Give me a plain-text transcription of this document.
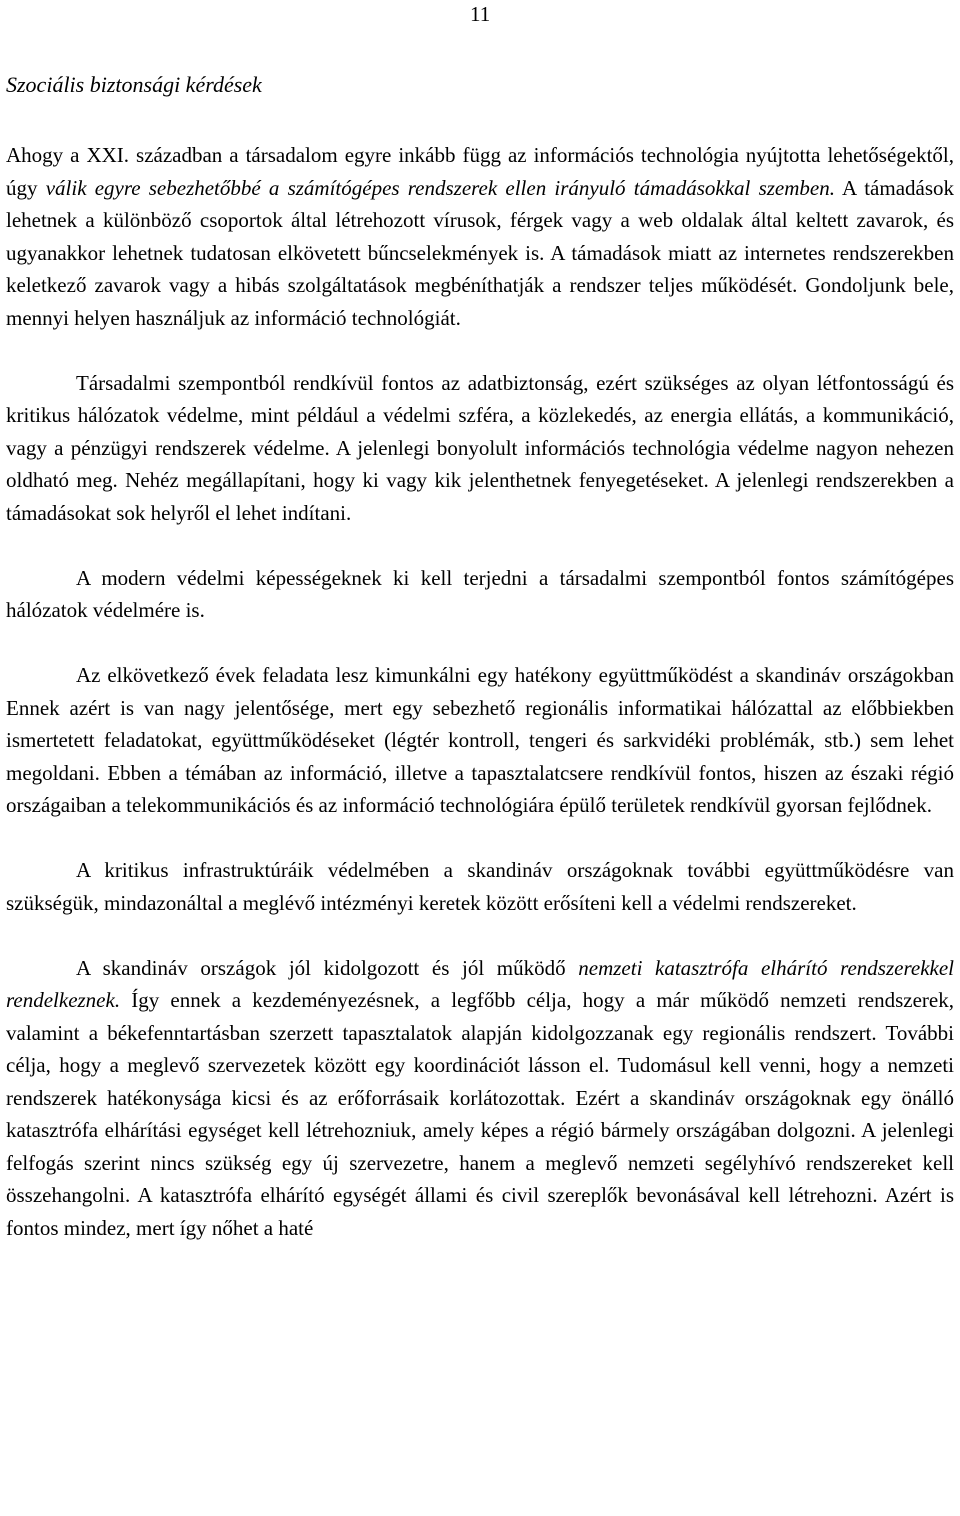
11
Szociális biztonsági kérdések

Ahogy a XXI. században a társadalom egyre inkább függ az információs technológia nyújtotta lehetőségektől, úgy válik egyre sebezhetőbbé a számítógépes rendszerek ellen irányuló támadásokkal szemben. A támadások lehetnek a különböző csoportok által létrehozott vírusok, férgek vagy a web oldalak által keltett zavarok, és ugyanakkor lehetnek tudatosan elkövetett bűncselekmények is. A támadások miatt az internetes rendszerekben keletkező zavarok vagy a hibás szolgáltatások megbéníthatják a rendszer teljes működését. Gondoljunk bele, mennyi helyen használjuk az információ technológiát.

Társadalmi szempontból rendkívül fontos az adatbiztonság, ezért szükséges az olyan létfontosságú és kritikus hálózatok védelme, mint például a védelmi szféra, a közlekedés, az energia ellátás, a kommunikáció, vagy a pénzügyi rendszerek védelme. A jelenlegi bonyolult információs technológia védelme nagyon nehezen oldható meg. Nehéz megállapítani, hogy ki vagy kik jelenthetnek fenyegetéseket. A jelenlegi rendszerekben a támadásokat sok helyről el lehet indítani.

A modern védelmi képességeknek ki kell terjedni a társadalmi szempontból fontos számítógépes hálózatok védelmére is.

Az elkövetkező évek feladata lesz kimunkálni egy hatékony együttműködést a skandináv országokban Ennek azért is van nagy jelentősége, mert egy sebezhető regionális informatikai hálózattal az előbbiekben ismertetett feladatokat, együttműködéseket (légtér kontroll, tengeri és sarkvidéki problémák, stb.) sem lehet megoldani. Ebben a témában az információ, illetve a tapasztalatcsere rendkívül fontos, hiszen az északi régió országaiban a telekommunikációs és az információ technológiára épülő területek rendkívül gyorsan fejlődnek.

A kritikus infrastruktúráik védelmében a skandináv országoknak további együttműködésre van szükségük, mindazonáltal a meglévő intézményi keretek között erősíteni kell a védelmi rendszereket.

A skandináv országok jól kidolgozott és jól működő nemzeti katasztrófa elhárító rendszerekkel rendelkeznek. Így ennek a kezdeményezésnek, a legfőbb célja, hogy a már működő nemzeti rendszerek, valamint a békefenntartásban szerzett tapasztalatok alapján kidolgozzanak egy regionális rendszert. További célja, hogy a meglevő szervezetek között egy koordinációt lásson el. Tudomásul kell venni, hogy a nemzeti rendszerek hatékonysága kicsi és az erőforrásaik korlátozottak. Ezért a skandináv országoknak egy önálló katasztrófa elhárítási egységet kell létrehozniuk, amely képes a régió bármely országában dolgozni. A jelenlegi felfogás szerint nincs szükség egy új szervezetre, hanem a meglevő nemzeti segélyhívó rendszereket kell összehangolni. A katasztrófa elhárító egységét állami és civil szereplők bevonásával kell létrehozni. Azért is fontos mindez, mert így nőhet a haté
